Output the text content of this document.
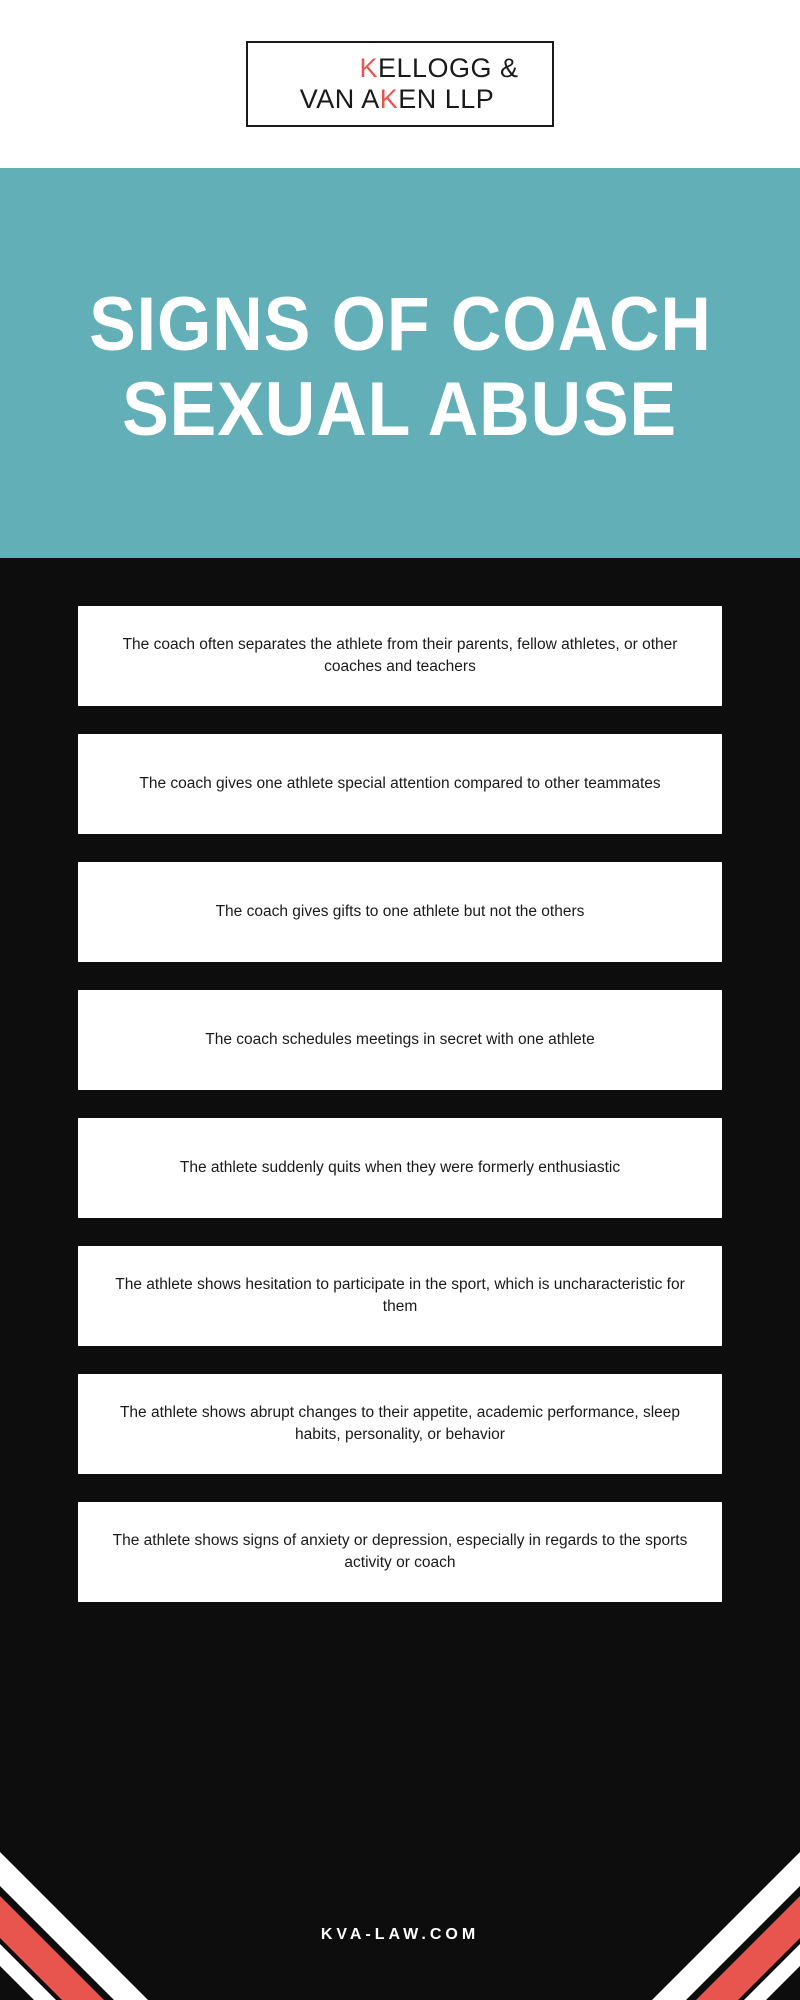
KELLOGG &
VAN AKEN LLP
SIGNS OF COACH
SEXUAL ABUSE
The coach often separates the athlete from their parents, fellow athletes, or other coaches and teachers
The coach gives one athlete special attention compared to other teammates
The coach gives gifts to one athlete but not the others
The coach schedules meetings in secret with one athlete
The athlete suddenly quits when they were formerly enthusiastic
The athlete shows hesitation to participate in the sport, which is uncharacteristic for them
The athlete shows abrupt changes to their appetite, academic performance, sleep habits, personality, or behavior
The athlete shows signs of anxiety or depression, especially in regards to the sports activity or coach
KVA-LAW.COM
